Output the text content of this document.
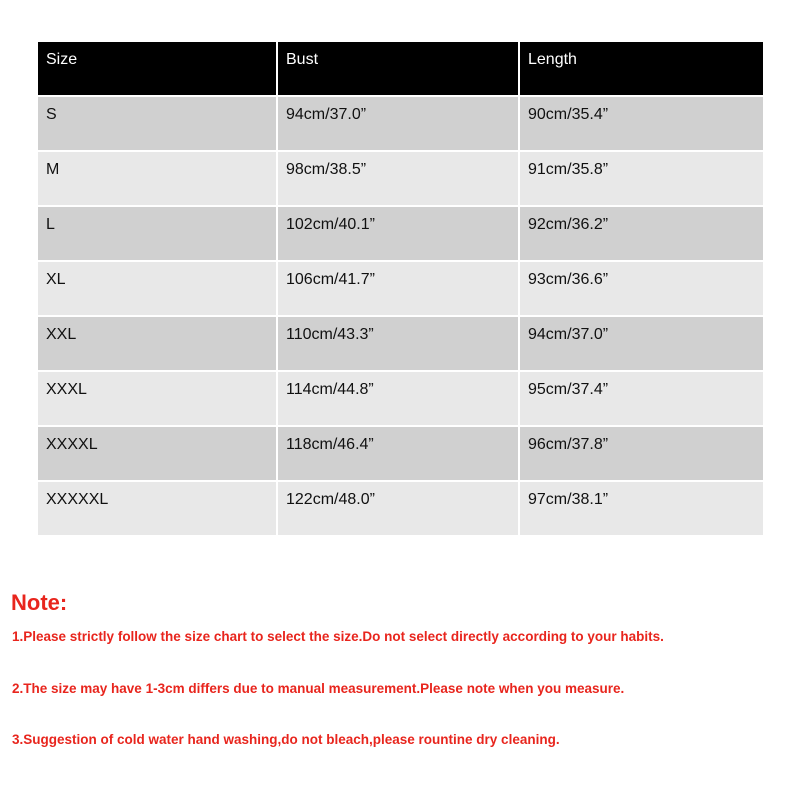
Size	Bust	Length
S	94cm/37.0”	90cm/35.4”
M	98cm/38.5”	91cm/35.8”
L	102cm/40.1”	92cm/36.2”
XL	106cm/41.7”	93cm/36.6”
XXL	110cm/43.3”	94cm/37.0”
XXXL	114cm/44.8”	95cm/37.4”
XXXXL	118cm/46.4”	96cm/37.8”
XXXXXL	122cm/48.0”	97cm/38.1”
Note:

1.Please strictly follow the size chart to select the size.Do not select directly according to your habits.

2.The size may have 1-3cm differs due to manual measurement.Please note when you measure.

3.Suggestion of cold water hand washing,do not bleach,please rountine dry cleaning.
